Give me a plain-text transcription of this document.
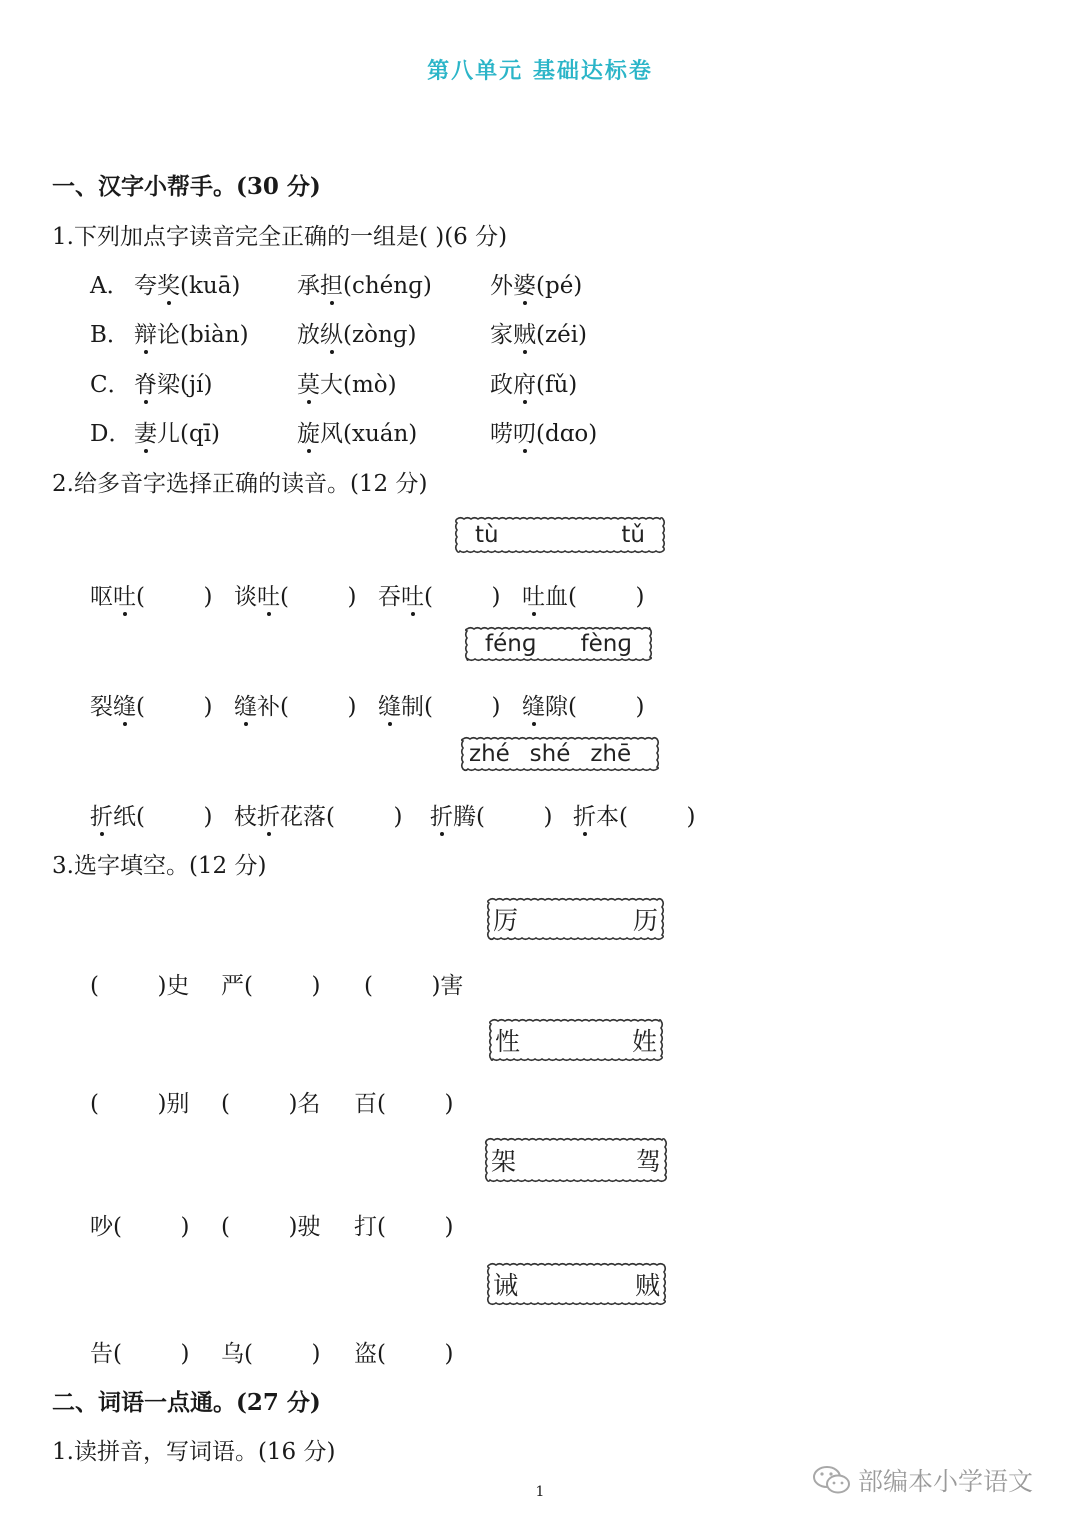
第八单元 基础达标卷
一、汉字小帮手。(30 分)
1.下列加点字读音完全正确的一组是( )(6 分)
A． 夸奖(kuā) 承担(chénɡ)	外婆(pé)
B． 辩论(biàn) 放纵(zònɡ)	家贼(zéi)
C． 脊梁(jí)	莫大(mò)	政府(fǔ)
D． 妻儿(qī)	旋风(xuán)	唠叨(dɑo)
2.给多音字选择正确的读音。(12 分)
tù	tǔ
呕吐(        ) 谈吐(        ) 吞吐(        ) 吐血(        )
fénɡ fènɡ
裂缝(        ) 缝补(        ) 缝制(        ) 缝隙(        )
zhé shé zhē
折纸(        ) 枝折花落(        ) 折腾(        ) 折本(        )
3.选字填空。(12 分)
厉	历
(        )史 严(        ) (        )害
性	姓
(        )别 (        )名 百(        )
架	驾
吵(        ) (        )驶 打(        )
诫	贼
告(        ) 乌(        ) 盗(        )
二、词语一点通。(27 分)
1.读拼音，写词语。(16 分)
1	部编本小学语文
